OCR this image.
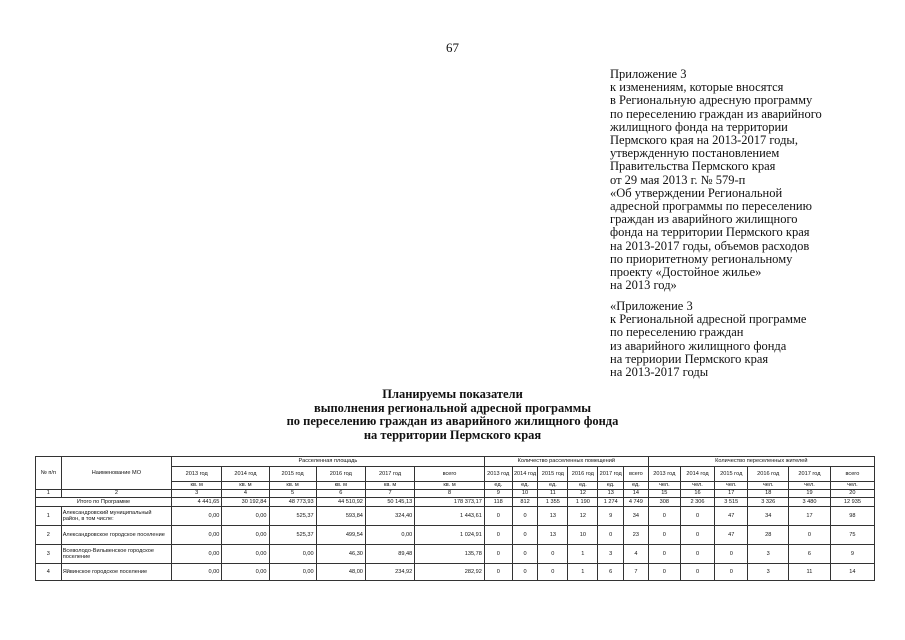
67
Приложение 3
к изменениям, которые вносятся
в Региональную адресную программу
по переселению граждан из аварийного
жилищного фонда на территории
Пермского края на 2013-2017 годы,
утвержденную постановлением
Правительства Пермского края
от 29 мая 2013 г. № 579-п
«Об утверждении Региональной
адресной программы по переселению
граждан из аварийного жилищного
фонда на территории Пермского края
на 2013-2017 годы, объемов расходов
по приоритетному региональному
проекту «Достойное жилье»
на 2013 год»
«Приложение 3
к Региональной адресной программе
по переселению граждан
из аварийного жилищного фонда
на терриории Пермского края
на 2013-2017 годы
Планируемы показатели
выполнения региональной адресной программы
по переселению граждан из аварийного жилищного фонда
на территории Пермского края
№ п/п	Наименование МО	Расселенная площадь						Количество расселенных помещений						Количество переселенных жителей					
		2013 год	2014 год	2015 год	2016 год	2017 год	всего	2013 год	2014 год	2015 год	2016 год	2017 год	всего	2013 год	2014 год	2015 год	2016 год	2017 год	всего
		кв. м	кв. м	кв. м	кв. м	кв. м	кв. м	ед.	ед.	ед.	ед.	ед.	ед.	чел.	чел.	чел.	чел.	чел.	чел.
1	2	3	4	5	6	7	8	9	10	11	12	13	14	15	16	17	18	19	20
Итого по Программе		4 441,65	30 192,84	48 773,93	44 510,92	50 145,13	178 373,17	118	812	1 355	1 190	1 274	4 749	308	2 306	3 515	3 326	3 480	12 935
1	Александровский муниципальный район, в том числе:	0,00	0,00	525,37	593,84	324,40	1 443,61	0	0	13	12	9	34	0	0	47	34	17	98
2	Александровское городское поселение	0,00	0,00	525,37	499,54	0,00	1 024,91	0	0	13	10	0	23	0	0	47	28	0	75
3	Всеволодо-Вильвенское городское поселение	0,00	0,00	0,00	46,30	89,48	135,78	0	0	0	1	3	4	0	0	0	3	6	9
4	Яйвинское городское поселение	0,00	0,00	0,00	48,00	234,92	282,92	0	0	0	1	6	7	0	0	0	3	11	14
